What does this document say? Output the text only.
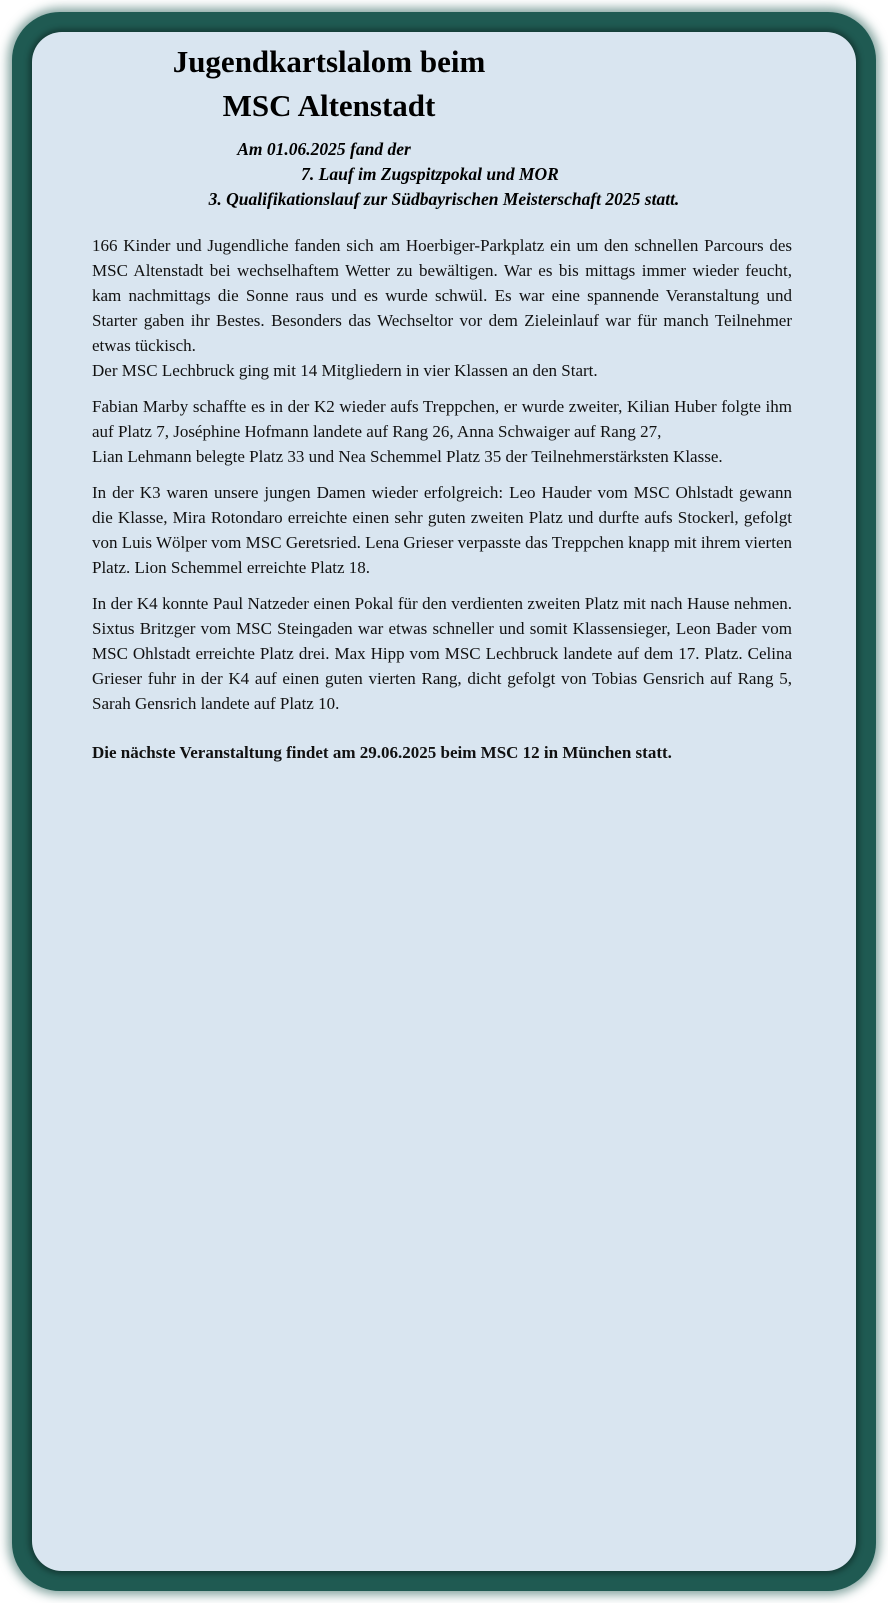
Jugendkartslalom beim
MSC Altenstadt
Am 01.06.2025 fand der
7. Lauf im Zugspitzpokal und MOR
3. Qualifikationslauf zur Südbayrischen Meisterschaft 2025 statt.

166 Kinder und Jugendliche fanden sich am Hoerbiger-Parkplatz ein um den schnellen Parcours des MSC Altenstadt bei wechselhaftem Wetter zu bewältigen. War es bis mittags immer wieder feucht, kam nachmittags die Sonne raus und es wurde schwül. Es war eine spannende Veranstaltung und Starter gaben ihr Bestes. Besonders das Wechseltor vor dem Zieleinlauf war für manch Teilnehmer etwas tückisch.
Der MSC Lechbruck ging mit 14 Mitgliedern in vier Klassen an den Start.

Fabian Marby schaffte es in der K2 wieder aufs Treppchen, er wurde zweiter, Kilian Huber folgte ihm auf Platz 7, Joséphine Hofmann landete auf Rang 26, Anna Schwaiger auf Rang 27,
Lian Lehmann belegte Platz 33 und Nea Schemmel Platz 35 der Teilnehmerstärksten Klasse.

In der K3 waren unsere jungen Damen wieder erfolgreich: Leo Hauder vom MSC Ohlstadt gewann die Klasse, Mira Rotondaro erreichte einen sehr guten zweiten Platz und durfte aufs Stockerl, gefolgt von Luis Wölper vom MSC Geretsried. Lena Grieser verpasste das Treppchen knapp mit ihrem vierten Platz. Lion Schemmel erreichte Platz 18.

In der K4 konnte Paul Natzeder einen Pokal für den verdienten zweiten Platz mit nach Hause nehmen. Sixtus Britzger vom MSC Steingaden war etwas schneller und somit Klassensieger, Leon Bader vom MSC Ohlstadt erreichte Platz drei. Max Hipp vom MSC Lechbruck landete auf dem 17. Platz. Celina Grieser fuhr in der K4 auf einen guten vierten Rang, dicht gefolgt von Tobias Gensrich auf Rang 5, Sarah Gensrich landete auf Platz 10.

Die nächste Veranstaltung findet am 29.06.2025 beim MSC 12 in München statt.
